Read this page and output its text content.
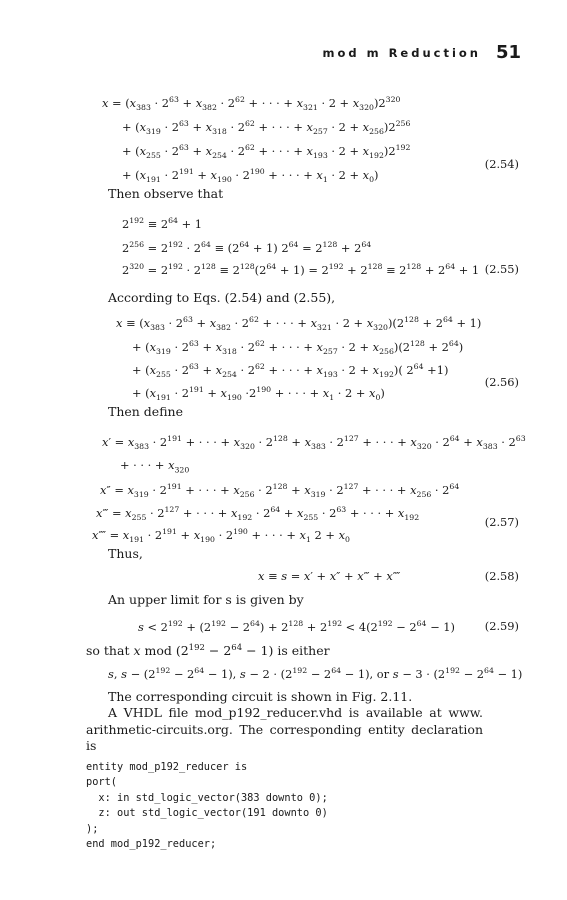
mod m Reduction 51
$x = (x_{383} \cdot 2^{63} + x_{382} \cdot 2^{62}$ + · · · + $x_{321} \cdot 2 + x_{320})2^{320}$
+ ($x_{319} \cdot 2^{63} + x_{318} \cdot 2^{62}$ + · · · + $x_{257} \cdot 2 + x_{256})2^{256}$
+ ($x_{255} \cdot 2^{63} + x_{254} \cdot 2^{62}$ + · · · + $x_{193} \cdot 2 + x_{192})2^{192}$
+ ($x_{191} \cdot 2^{191} + x_{190} \cdot 2^{190}$ + · · · + $x_1 \cdot 2 + x_0$)
(2.54)
Then observe that
$2^{192} \equiv 2^{64} + 1$
$2^{256} = 2^{192} \cdot 2^{64} \equiv (2^{64} + 1) 2^{64} = 2^{128} + 2^{64}$
$2^{320} = 2^{192} \cdot 2^{128} \equiv 2^{128}(2^{64} + 1) = 2^{192} + 2^{128} \equiv 2^{128} + 2^{64} + 1$ (2.55)
According to Eqs. (2.54) and (2.55),
$x \equiv (x_{383} \cdot 2^{63} + x_{382} \cdot 2^{62}$ + · · · + $x_{321} \cdot 2 + x_{320})(2^{128} + 2^{64} + 1)$
+ ($x_{319} \cdot 2^{63} + x_{318} \cdot 2^{62}$ + · · · + $x_{257} \cdot 2 + x_{256})(2^{128} + 2^{64})$
+ ($x_{255} \cdot 2^{63} + x_{254} \cdot 2^{62}$ + · · · + $x_{193} \cdot 2 + x_{192}$)( $2^{64} +1$)
+ ($x_{191} \cdot 2^{191} + x_{190} \cdot 2^{190}$ + · · · + $x_1 \cdot 2 + x_0$)
(2.56)
Then define
$x' = x_{383} \cdot 2^{191}$ + · · · + $x_{320} \cdot 2^{128} + x_{383} \cdot 2^{127}$ + · · · + $x_{320} \cdot 2^{64} + x_{383} \cdot 2^{63}$
+ · · · + $x_{320}$
$x'' = x_{319} \cdot 2^{191}$ + · · · + $x_{256} \cdot 2^{128} + x_{319} \cdot 2^{127}$ + · · · + $x_{256} \cdot 2^{64}$
x‴ = $x_{255} \cdot 2^{127}$ + · · · + $x_{192} \cdot 2^{64} + x_{255} \cdot 2^{63}$ + · · · + $x_{192}$
x⁗ = $x_{191} \cdot 2^{191} + x_{190} \cdot 2^{190}$ + · · · + $x_1$ $2 + x_0$
(2.57)
Thus,
x ≡ s = x′ + x″ + x‴ + x⁗	(2.58)
An upper limit for s is given by
$s < 2^{192} + (2^{192} - 2^{64}) + 2^{128} + 2^{192} < 4(2^{192} - 2^{64} - 1)$	(2.59)
so that x mod $(2^{192} - 2^{64} - 1)$ is either
s, $s - (2^{192} - 2^{64} - 1)$, $s - 2 \cdot (2^{192} - 2^{64} - 1)$, or $s - 3 \cdot (2^{192} - 2^{64} - 1)$
The corresponding circuit is shown in Fig. 2.11.
A VHDL file mod_p192_reducer.vhd is available at www. arithmetic-circuits.org. The corresponding entity declaration is

entity mod_p192_reducer is
port(
x: in std_logic_vector(383 downto 0);
z: out std_logic_vector(191 downto 0)
);
end mod_p192_reducer;
